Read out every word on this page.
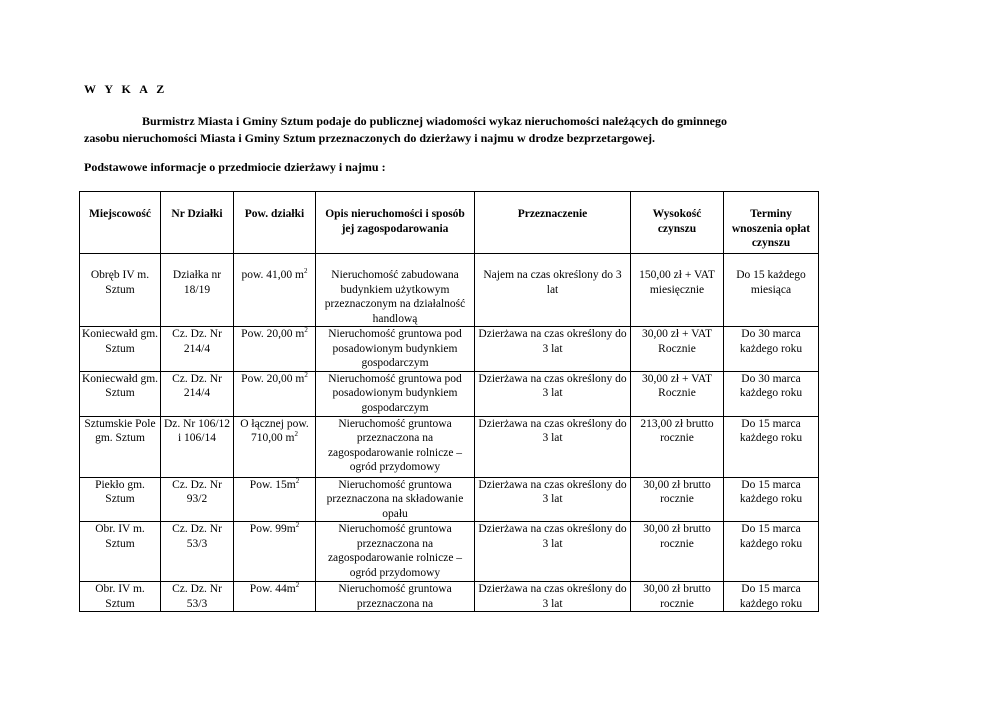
W Y K A Z
Burmistrz Miasta i Gminy Sztum podaje do publicznej wiadomości wykaz nieruchomości należących do gminnego
zasobu nieruchomości Miasta i Gminy Sztum przeznaczonych do dzierżawy i najmu w drodze bezprzetargowej.
Podstawowe informacje o przedmiocie dzierżawy i najmu :
Miejscowość	Nr Działki	Pow. działki	Opis nieruchomości i sposób jej zagospodarowania	Przeznaczenie	Wysokość czynszu	Terminy wnoszenia opłat czynszu
Obręb IV m. Sztum	Działka nr 18/19	pow. 41,00 $m^2$	Nieruchomość zabudowana budynkiem użytkowym przeznaczonym na działalność handlową	Najem na czas określony do 3 lat	150,00 zł + VAT miesięcznie	Do 15 każdego miesiąca
Koniecwałd gm. Sztum	Cz. Dz. Nr 214/4	Pow. 20,00 $m^2$	Nieruchomość gruntowa pod posadowionym budynkiem gospodarczym	Dzierżawa na czas określony do 3 lat	30,00 zł + VAT Rocznie	Do 30 marca każdego roku
Koniecwałd gm. Sztum	Cz. Dz. Nr 214/4	Pow. 20,00 $m^2$	Nieruchomość gruntowa pod posadowionym budynkiem gospodarczym	Dzierżawa na czas określony do 3 lat	30,00 zł + VAT Rocznie	Do 30 marca każdego roku
Sztumskie Pole gm. Sztum	Dz. Nr 106/12 i 106/14	O łącznej pow. 710,00 $m^2$	Nieruchomość gruntowa przeznaczona na zagospodarowanie rolnicze – ogród przydomowy	Dzierżawa na czas określony do 3 lat	213,00 zł brutto rocznie	Do 15 marca każdego roku
Piekło gm. Sztum	Cz. Dz. Nr 93/2	Pow. $15m^2$	Nieruchomość gruntowa przeznaczona na składowanie opału	Dzierżawa na czas określony do 3 lat	30,00 zł brutto rocznie	Do 15 marca każdego roku
Obr. IV m. Sztum	Cz. Dz. Nr 53/3	Pow. $99m^2$	Nieruchomość gruntowa przeznaczona na zagospodarowanie rolnicze – ogród przydomowy	Dzierżawa na czas określony do 3 lat	30,00 zł brutto rocznie	Do 15 marca każdego roku
Obr. IV m. Sztum	Cz. Dz. Nr 53/3	Pow. $44m^2$	Nieruchomość gruntowa przeznaczona na	Dzierżawa na czas określony do 3 lat	30,00 zł brutto rocznie	Do 15 marca każdego roku
